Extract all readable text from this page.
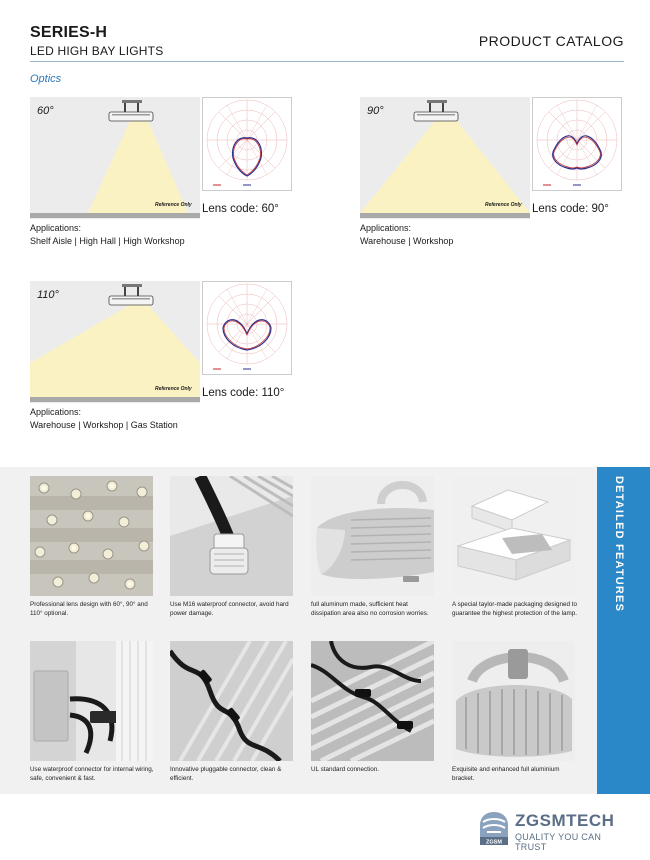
SERIES-H
LED HIGH BAY LIGHTS
PRODUCT CATALOG
Optics
60°
Reference Only Lens code: 60°
Applications:
Shelf Aisle | High Hall | High Workshop
90°
Reference Only Lens code: 90°
Applications:
Warehouse | Workshop
110°
Reference Only Lens code: 110°
Applications:
Warehouse | Workshop | Gas Station
DETAILED FEATURES
Professional lens design with 60°, 90° and 110° optional.
Use M16 waterproof connector, avoid hard power damage.
full aluminum made, sufficient heat dissipation area also no corrosion worries.
A special taylor-made packaging designed to guarantee the highest protection of the lamp.
Use waterproof connector for internal wiring, safe, convenient & fast.
Innovative pluggable connector, clean & efficient.
UL standard connection.	Exquisite and enhanced full aluminium bracket.
ZGSM
ZGSMTECH
QUALITY YOU CAN TRUST
